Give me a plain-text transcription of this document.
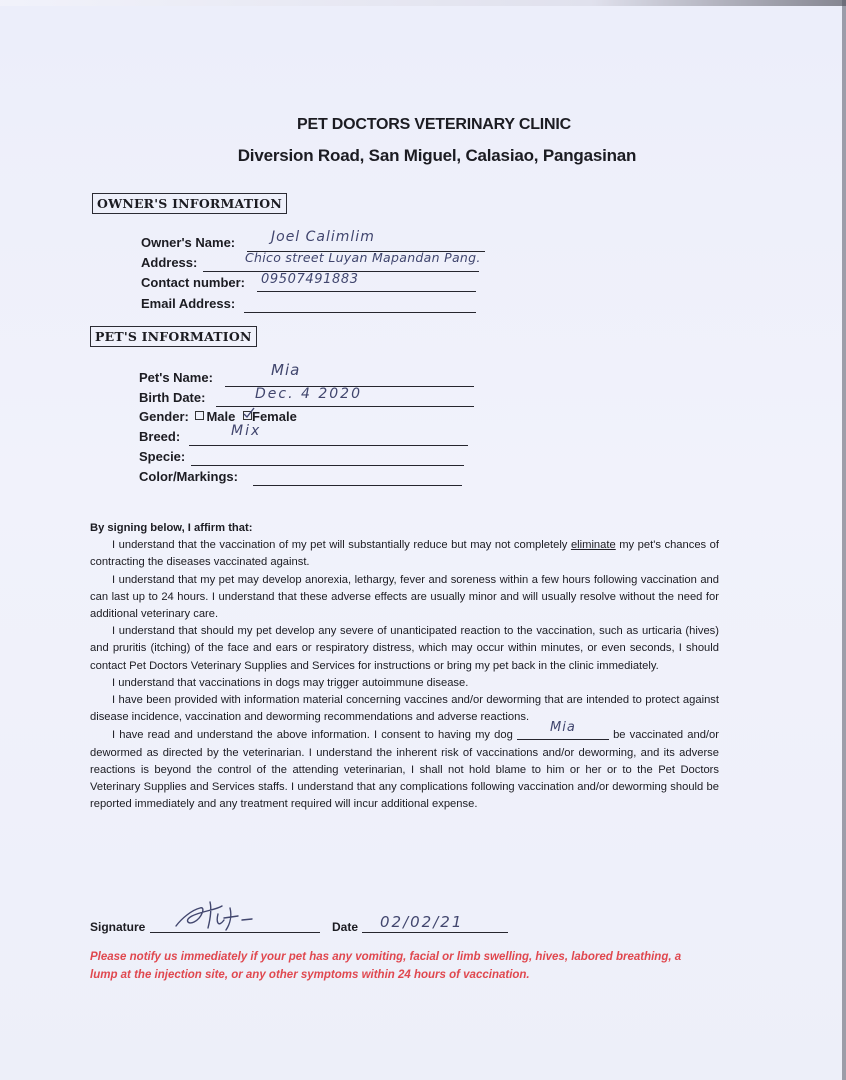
PET DOCTORS VETERINARY CLINIC
Diversion Road, San Miguel, Calasiao, Pangasinan
OWNER'S INFORMATION
Owner's Name:	Joel Calimlim
Address:	Chico street Luyan Mapandan Pang.
Contact number: 09507491883
Email Address:
PET'S INFORMATION
Pet's Name:	Mia
Birth Date:	Dec. 4 2020
Gender: Male Female
Breed:	Mix
Specie:
Color/Markings:

By signing below, I affirm that:

I understand that the vaccination of my pet will substantially reduce but may not completely eliminate my pet's chances of contracting the diseases vaccinated against.

I understand that my pet may develop anorexia, lethargy, fever and soreness within a few hours following vaccination and can last up to 24 hours. I understand that these adverse effects are usually minor and will usually resolve without the need for additional veterinary care.

I understand that should my pet develop any severe of unanticipated reaction to the vaccination, such as urticaria (hives) and pruritis (itching) of the face and ears or respiratory distress, which may occur within minutes, or even seconds, I should contact Pet Doctors Veterinary Supplies and Services for instructions or bring my pet back in the clinic immediately.

I understand that vaccinations in dogs may trigger autoimmune disease.

I have been provided with information material concerning vaccines and/or deworming that are intended to protect against disease incidence, vaccination and deworming recommendations and adverse reactions.

I have read and understand the above information. I consent to having my dog	Mia	be vaccinated and/or dewormed as directed by the veterinarian. I understand the inherent risk of vaccinations and/or deworming, and its adverse reactions is beyond the control of the attending veterinarian, I shall not hold blame to him or her or to the Pet Doctors Veterinary Supplies and Services staffs. I understand that any complications following vaccination and/or deworming should be reported immediately and any treatment required will incur additional expense.

Signature	Date 02/02/21
Please notify us immediately if your pet has any vomiting, facial or limb swelling, hives, labored breathing, a lump at the injection site, or any other symptoms within 24 hours of vaccination.
